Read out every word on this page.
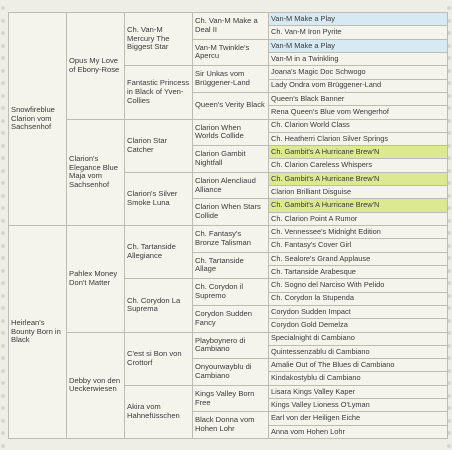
Snowfireblue Clarion vom Sachsenhof	Opus My Love of Ebony-Rose	Ch. Van-M Mercury The Biggest Star	Ch. Van-M Make a Deal II	Van-M Make a Play
				Ch. Van-M Iron Pyrite
			Van-M Twinkle's Apercu	Van-M Make a Play
				Van-M in a Twinkling
		Fantastic Princess in Black of Yven-Collies	Sir Unkas vom Brüggener-Land	Joana's Magic Doc Schwogo
				Lady Ondra vom Brüggener-Land
			Queen's Verity Black	Queen's Black Banner
				Rena Queen's Blue vom Wengerhof
	Clarion's Elegance Blue Maja vom Sachsenhof	Clarion Star Catcher	Clarion When Worlds Collide	Ch. Clarion World Class
				Ch. Heatherri Clarion Silver Springs
			Clarion Gambit Nightfall	Ch. Gambit's A Hurricane Brew'N
				Ch. Clarion Careless Whispers
		Clarion's Silver Smoke Luna	Clarion Alencliaud Alliance	Ch. Gambit's A Hurricane Brew'N
				Clarion Brilliant Disguise
			Clarion When Stars Collide	Ch. Gambit's A Hurricane Brew'N
				Ch. Clarion Point A Rumor
Heirlean's Bounty Born in Black	Pahlex Money Don't Matter	Ch. Tartanside Allegiance	Ch. Fantasy's Bronze Talisman	Ch. Vennessee's Midnight Edition
				Ch. Fantasy's Cover Girl
			Ch. Tartanside Allage	Ch. Sealore's Grand Applause
				Ch. Tartanside Arabesque
		Ch. Corydon La Suprema	Ch. Corydon il Supremo	Ch. Sogno del Narciso With Pelido
				Ch. Corydon la Stupenda
			Corydon Sudden Fancy	Corydon Sudden Impact
				Corydon Gold Demelza
	Debby von den Ueckerwiesen	C'est si Bon von Crottorf	Playboynero di Cambiano	Specialnight di Cambiano
				Quintessenzablu di Cambiano
			Onyourwayblu di Cambiano	Amalie Out of The Blues di Cambiano
				Kindakostyblu di Cambiano
		Akira vom Hahnefüsschen	Kings Valley Born Free	Lisara Kings Valley Kaper
				Kings Valley Lioness O'Lyman
			Black Donna vom Hohen Lohr	Earl von der Heiligen Eiche
				Anna vom Hohen Lohr
